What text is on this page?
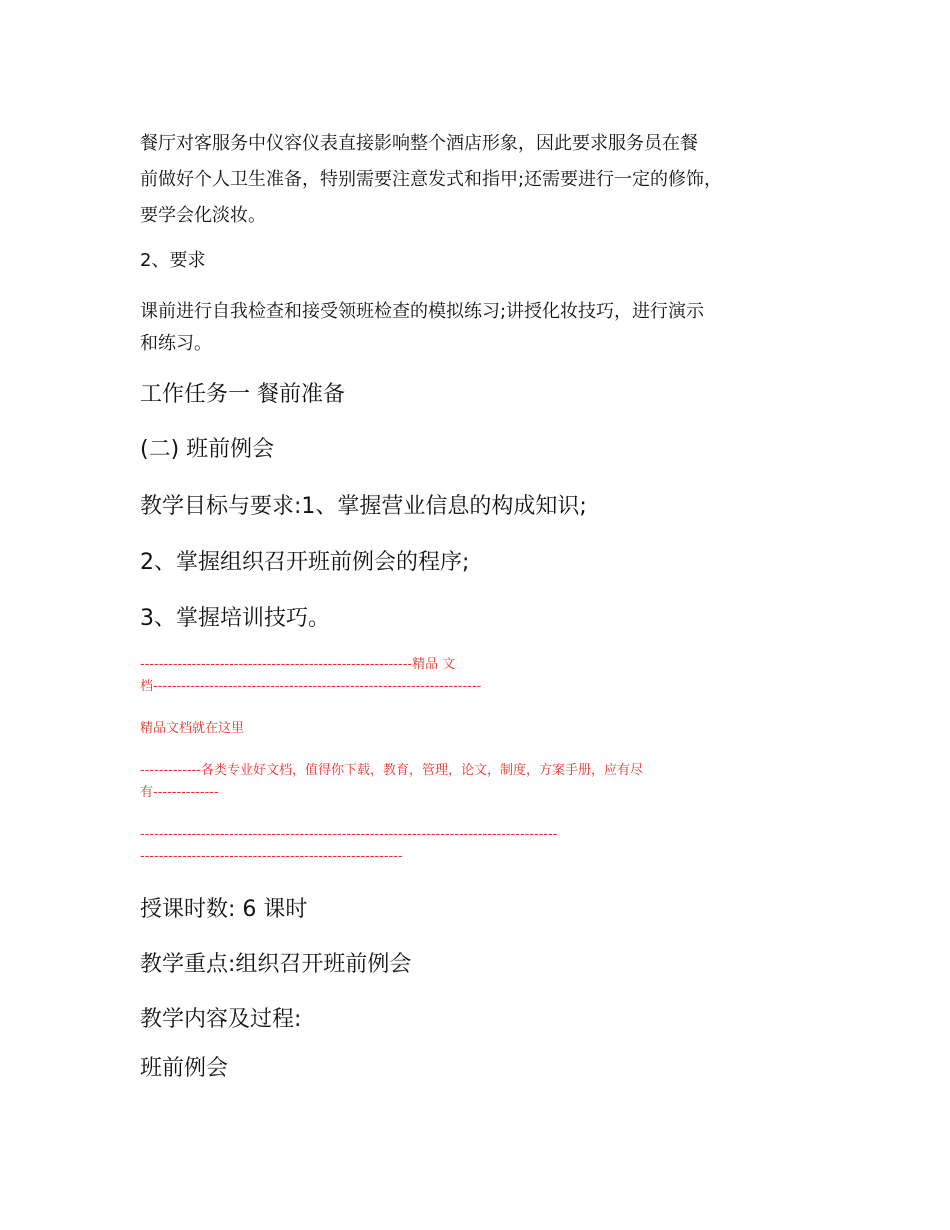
餐厅对客服务中仪容仪表直接影响整个酒店形象，因此要求服务员在餐
前做好个人卫生准备，特别需要注意发式和指甲;还需要进行一定的修饰，
要学会化淡妆。

2、要求

课前进行自我检查和接受领班检查的模拟练习;讲授化妆技巧，进行演示
和练习。

工作任务一 餐前准备

(二) 班前例会

教学目标与要求:1、掌握营业信息的构成知识;

2、掌握组织召开班前例会的程序;

3、掌握培训技巧。

----------------------------------------------------------精品 文
档----------------------------------------------------------------------

精品文档就在这里

-------------各类专业好文档，值得你下载，教育，管理，论文，制度，方案手册，应有尽
有--------------

-----------------------------------------------------------------------------------------
--------------------------------------------------------

授课时数: 6 课时

教学重点:组织召开班前例会

教学内容及过程:

班前例会
